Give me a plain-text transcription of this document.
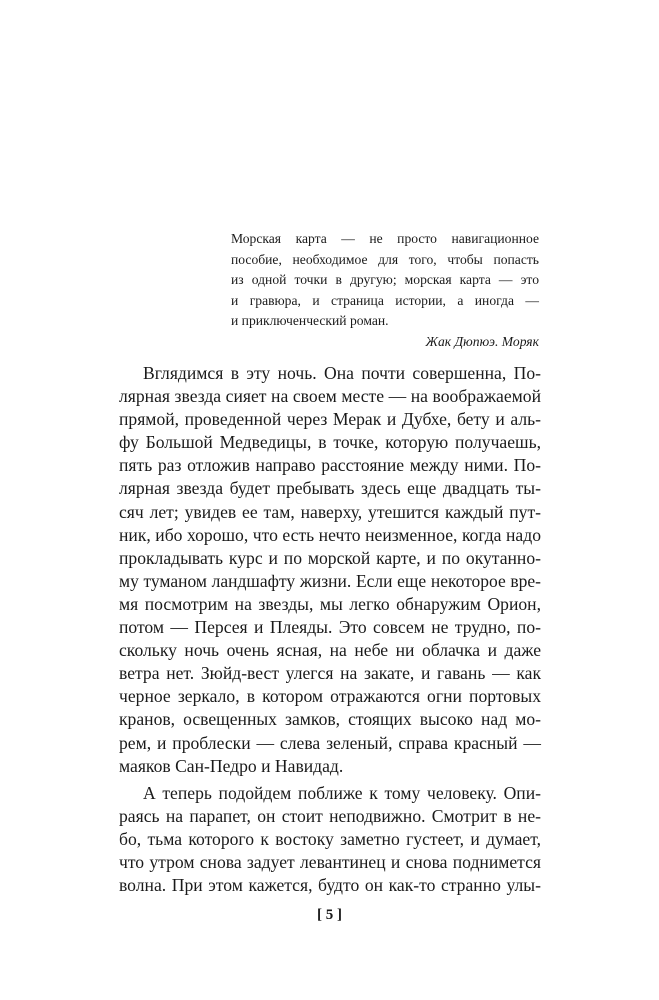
Морская карта — не просто навигационное
пособие, необходимое для того, чтобы попасть
из одной точки в другую; морская карта — это
и гравюра, и страница истории, а иногда —
и приключенческий роман.
Жак Дюпюэ. Моряк
Вглядимся в эту ночь. Она почти совершенна, По-
лярная звезда сияет на своем месте — на воображаемой
прямой, проведенной через Мерак и Дубхе, бету и аль-
фу Большой Медведицы, в точке, которую получаешь,
пять раз отложив направо расстояние между ними. По-
лярная звезда будет пребывать здесь еще двадцать ты-
сяч лет; увидев ее там, наверху, утешится каждый пут-
ник, ибо хорошо, что есть нечто неизменное, когда надо
прокладывать курс и по морской карте, и по окутанно-
му туманом ландшафту жизни. Если еще некоторое вре-
мя посмотрим на звезды, мы легко обнаружим Орион,
потом — Персея и Плеяды. Это совсем не трудно, по-
скольку ночь очень ясная, на небе ни облачка и даже
ветра нет. Зюйд-вест улегся на закате, и гавань — как
черное зеркало, в котором отражаются огни портовых
кранов, освещенных замков, стоящих высоко над мо-
рем, и проблески — слева зеленый, справа красный —
маяков Сан-Педро и Навидад.
А теперь подойдем поближе к тому человеку. Опи-
раясь на парапет, он стоит неподвижно. Смотрит в не-
бо, тьма которого к востоку заметно густеет, и думает,
что утром снова задует левантинец и снова поднимется
волна. При этом кажется, будто он как-то странно улы-
[ 5 ]
